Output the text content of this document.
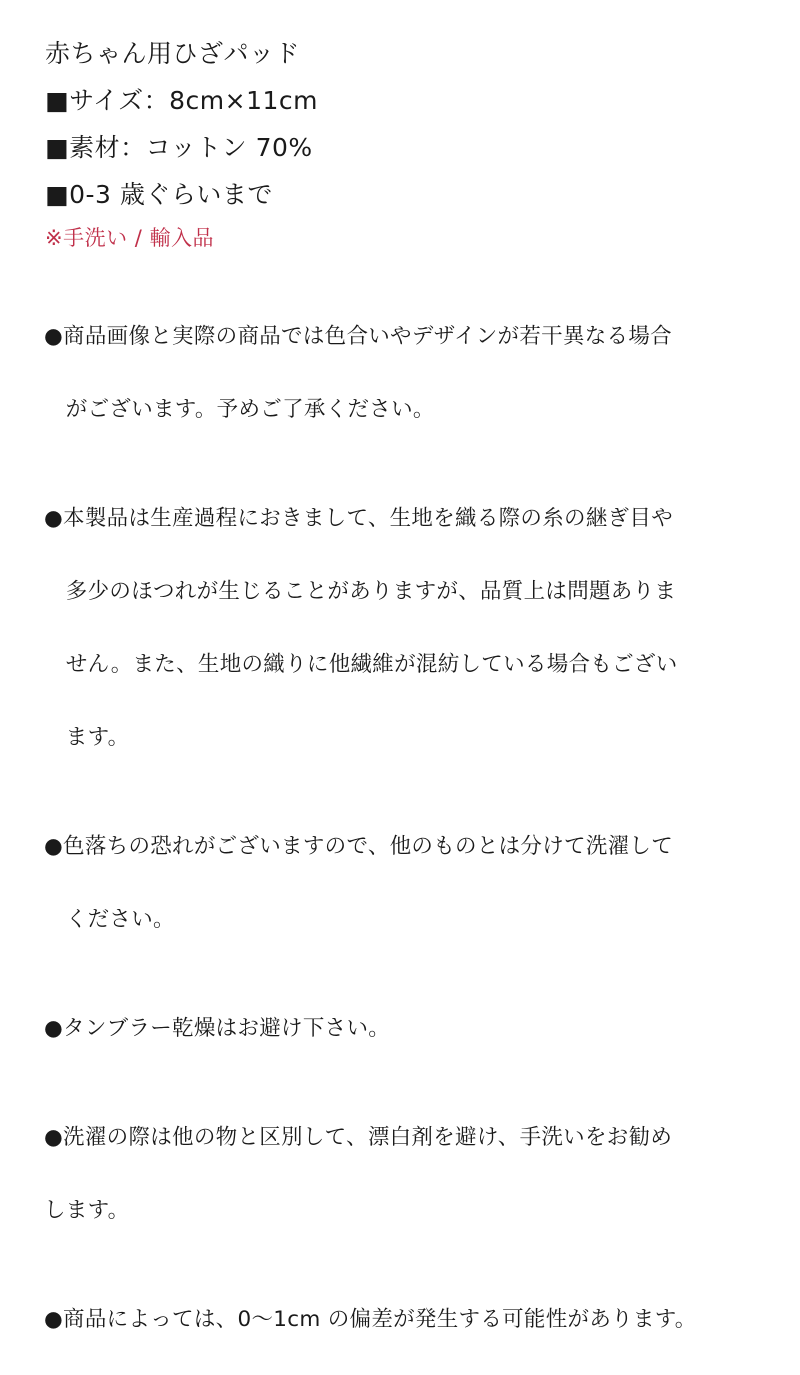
赤ちゃん用ひざパッド
■サイズ：8cm×11cm
■素材：コットン 70%
■0-3 歳ぐらいまで
※手洗い / 輸入品

●商品画像と実際の商品では色合いやデザインが若干異なる場合

　がございます。予めご了承ください。

●本製品は生産過程におきまして、生地を織る際の糸の継ぎ目や

　多少のほつれが生じることがありますが、品質上は問題ありま

　せん。また、生地の織りに他繊維が混紡している場合もござい

　ます。

●色落ちの恐れがございますので、他のものとは分けて洗濯して

　ください。

●タンブラー乾燥はお避け下さい。

●洗濯の際は他の物と区別して、漂白剤を避け、手洗いをお勧め

します。

●商品によっては、0～1cm の偏差が発生する可能性があります。
